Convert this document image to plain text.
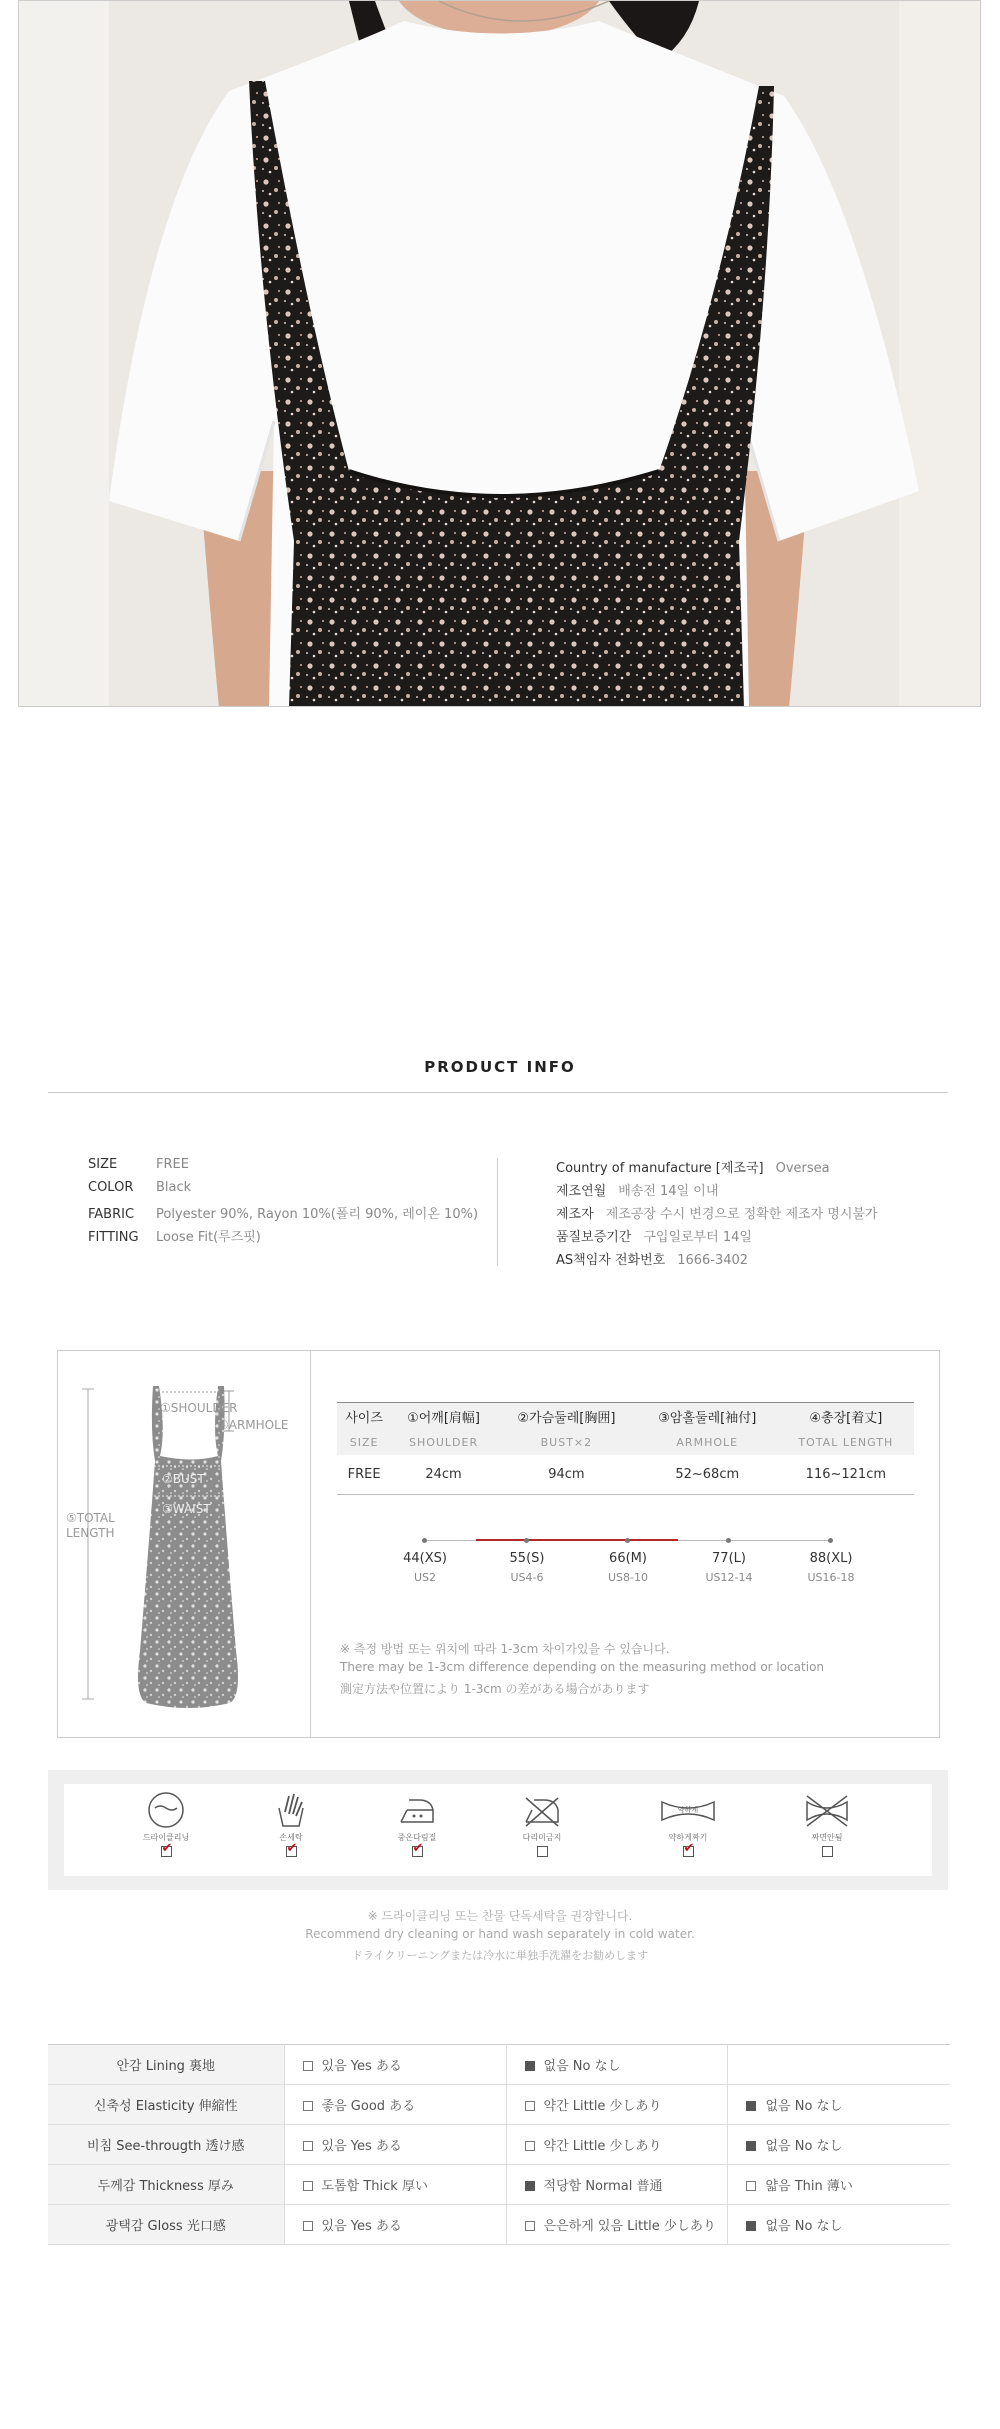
PRODUCT INFO
SIZE	FREE
COLOR Black
FABRIC Polyester 90%, Rayon 10%(폴리 90%, 레이온 10%)
FITTING Loose Fit(루즈핏)
Country of manufacture [제조국] Oversea
제조연월 배송전 14일 이내
제조자 제조공장 수시 변경으로 정확한 제조자 명시불가
품질보증기간 구입일로부터 14일
AS책임자 전화번호 1666-3402
①SHOULDER
④ARMHOLE
②BUST
③WAIST
⑤TOTAL LENGTH
사이즈	①어깨[肩幅]	②가슴둘레[胸囲]	③암홀둘레[袖付]	④총장[着丈]
SIZE	SHOULDER	BUST×2	ARMHOLE	TOTAL LENGTH
FREE	24cm	94cm	52~68cm	116~121cm
44(XS)	55(S)	66(M)	77(L)	88(XL)
US2	US4-6	US8-10	US12-14	US16-18
※ 측정 방법 또는 위치에 따라 1-3cm 차이가있을 수 있습니다.
There may be 1-3cm difference depending on the measuring method or location
測定方法や位置により 1-3cm の差がある場合があります
드라이클리닝
✔	손세탁
✔	중온다림질
✔	다리미금지
약하게
약하게짜기
✔	짜면안됨
※ 드라이클리닝 또는 찬물 단독세탁을 권장합니다.
Recommend dry cleaning or hand wash separately in cold water.
ドライクリーニングまたは冷水に単独手洗濯をお勧めします
안감 Lining 裏地	있음 Yes ある	없음 No なし	
신축성 Elasticity 伸縮性	좋음 Good ある	약간 Little 少しあり	없음 No なし
비침 See-througth 透け感	있음 Yes ある	약간 Little 少しあり	없음 No なし
두께감 Thickness 厚み	도톰함 Thick 厚い	적당함 Normal 普通	얇음 Thin 薄い
광택감 Gloss 光口感	있음 Yes ある	은은하게 있음 Little 少しあり	없음 No なし
